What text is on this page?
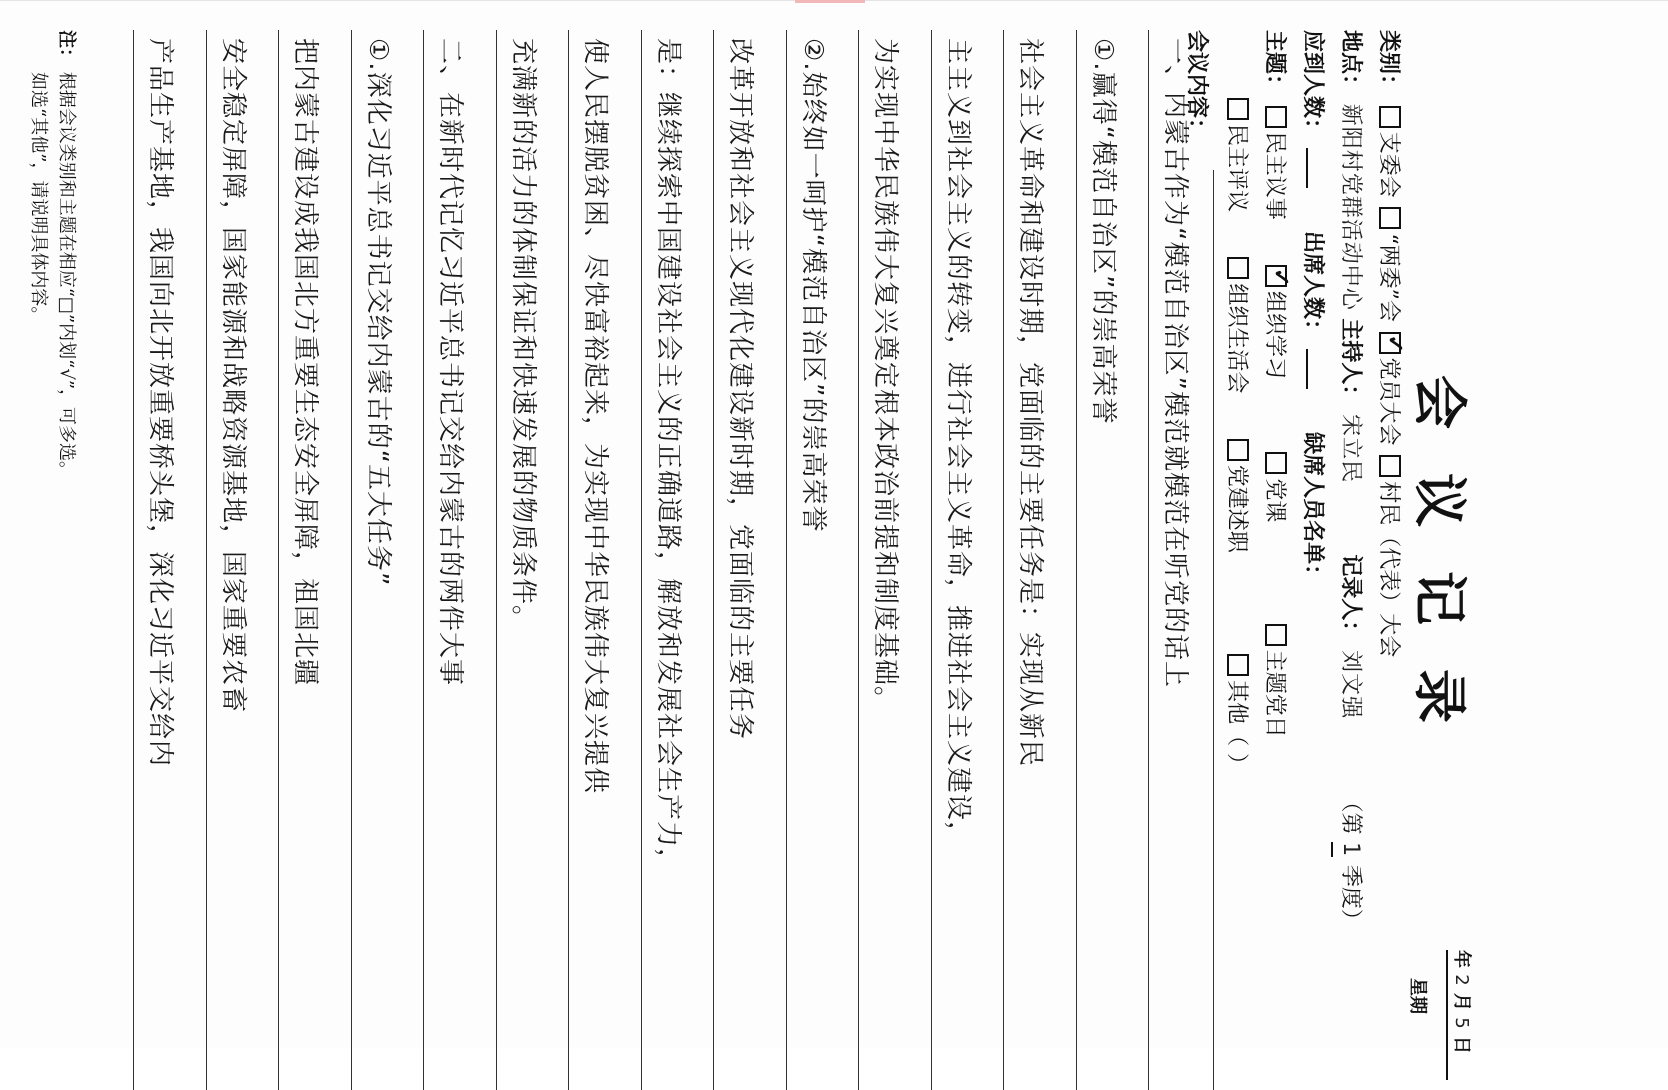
会议记录
年 2 月 5 日
星期
类别： 支委会 “两委”会 ✓党员大会 村民（代表）大会
地点： 新阳村党群活动中心 主持人： 宋立民  记录人： 刘文强  （第 1 季度）
应到人数：   出席人数：   缺席人员名单：
主题： 民主议事  ✓组织学习  党课  主题党日
民主评议  组织生活会  党建述职  其他（ ）
会议内容：
一、内蒙古作为“模范自治区”模范就模范在听党的话上
①.赢得“模范自治区”的崇高荣誉
社会主义革命和建设时期，党面临的主要任务是：实现从新民
主主义到社会主义的转变，进行社会主义革命，推进社会主义建设，
为实现中华民族伟大复兴奠定根本政治前提和制度基础。
②.始终如一呵护“模范自治区”的崇高荣誉
改革开放和社会主义现代化建设新时期，党面临的主要任务
是：继续探索中国建设社会主义的正确道路，解放和发展社会生产力，
使人民摆脱贫困、尽快富裕起来，为实现中华民族伟大复兴提供
充满新的活力的体制保证和快速发展的物质条件。
二、在新时代记忆习近平总书记交给内蒙古的两件大事
①.深化习近平总书记交给内蒙古的“五大任务”
把内蒙古建设成我国北方重要生态安全屏障，祖国北疆
安全稳定屏障，国家能源和战略资源基地，国家重要农畜
产品生产基地，我国向北开放重要桥头堡，深化习近平交给内
注： 根据会议类别和主题在相应“□”内划“√”，可多选。
如选“其他”，请说明具体内容。
